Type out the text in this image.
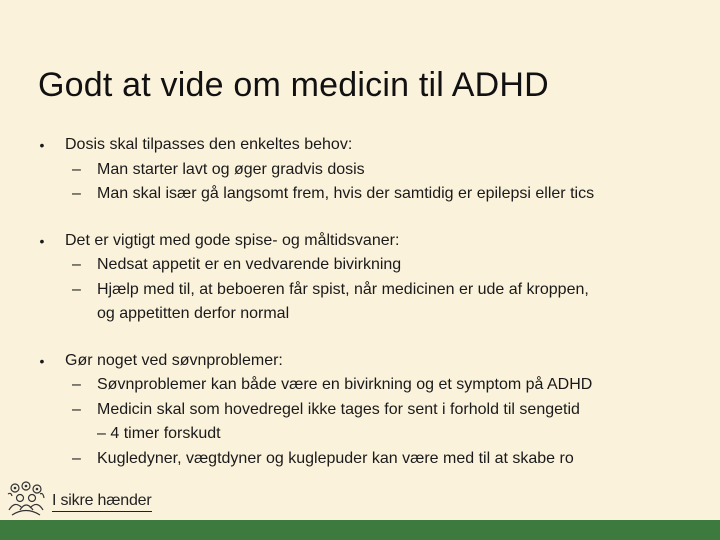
Godt at vide om medicin til ADHD
• Dosis skal tilpasses den enkeltes behov:
– Man starter lavt og øger gradvis dosis
– Man skal især gå langsomt frem, hvis der samtidig er epilepsi eller tics
• Det er vigtigt med gode spise- og måltidsvaner:
– Nedsat appetit er en vedvarende bivirkning
– Hjælp med til, at beboeren får spist, når medicinen er ude af kroppen,
og appetitten derfor normal
• Gør noget ved søvnproblemer:
– Søvnproblemer kan både være en bivirkning og et symptom på ADHD
– Medicin skal som hovedregel ikke tages for sent i forhold til sengetid
– 4 timer forskudt
– Kugledyner, vægtdyner og kuglepuder kan være med til at skabe ro
I sikre hænder
